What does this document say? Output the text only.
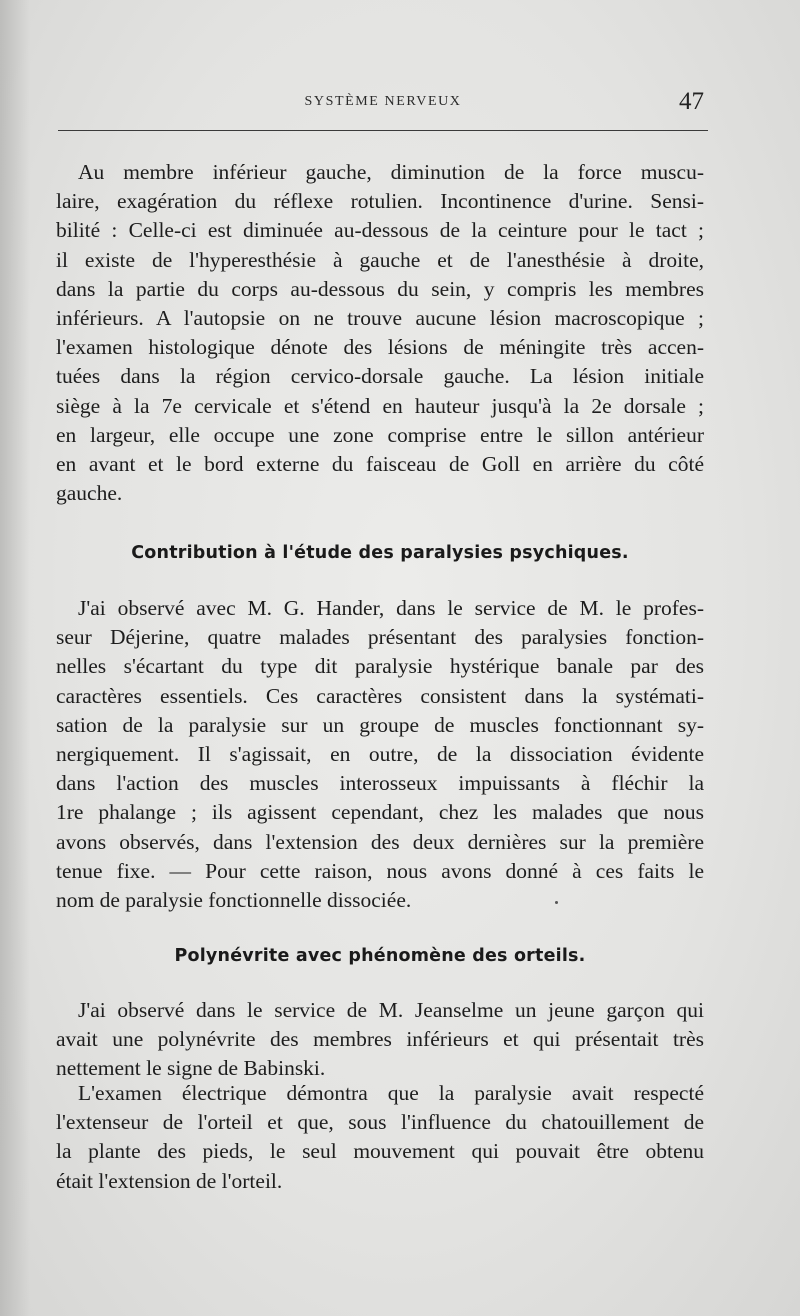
SYSTÈME NERVEUX	47
Au membre inférieur gauche, diminution de la force muscu-
laire, exagération du réflexe rotulien. Incontinence d'urine. Sensi-
bilité : Celle-ci est diminuée au-dessous de la ceinture pour le tact ;
il existe de l'hyperesthésie à gauche et de l'anesthésie à droite,
dans la partie du corps au-dessous du sein, y compris les membres
inférieurs. A l'autopsie on ne trouve aucune lésion macroscopique ;
l'examen histologique dénote des lésions de méningite très accen-
tuées dans la région cervico-dorsale gauche. La lésion initiale
siège à la 7e cervicale et s'étend en hauteur jusqu'à la 2e dorsale ;
en largeur, elle occupe une zone comprise entre le sillon antérieur
en avant et le bord externe du faisceau de Goll en arrière du côté
gauche.
Contribution à l'étude des paralysies psychiques.
J'ai observé avec M. G. Hander, dans le service de M. le profes-
seur Déjerine, quatre malades présentant des paralysies fonction-
nelles s'écartant du type dit paralysie hystérique banale par des
caractères essentiels. Ces caractères consistent dans la systémati-
sation de la paralysie sur un groupe de muscles fonctionnant sy-
nergiquement. Il s'agissait, en outre, de la dissociation évidente
dans l'action des muscles interosseux impuissants à fléchir la
1re phalange ; ils agissent cependant, chez les malades que nous
avons observés, dans l'extension des deux dernières sur la première
tenue fixe. — Pour cette raison, nous avons donné à ces faits le
nom de paralysie fonctionnelle dissociée.
Polynévrite avec phénomène des orteils.
J'ai observé dans le service de M. Jeanselme un jeune garçon qui
avait une polynévrite des membres inférieurs et qui présentait très
nettement le signe de Babinski.
L'examen électrique démontra que la paralysie avait respecté
l'extenseur de l'orteil et que, sous l'influence du chatouillement de
la plante des pieds, le seul mouvement qui pouvait être obtenu
était l'extension de l'orteil.
